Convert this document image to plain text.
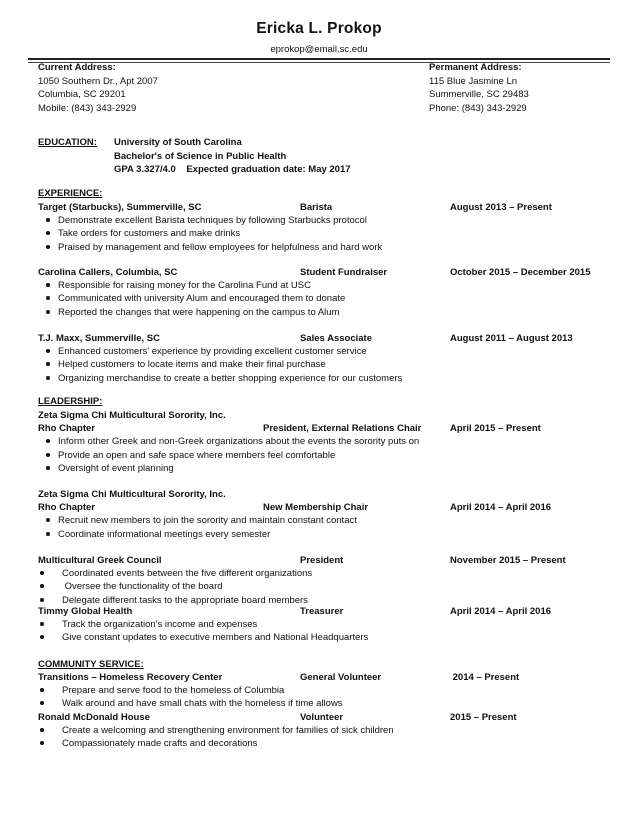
Ericka L. Prokop
eprokop@email.sc.edu
Current Address:
1050 Southern Dr., Apt 2007
Columbia, SC 29201
Mobile: (843) 343-2929
Permanent Address:
115 Blue Jasmine Ln
Summerville, SC 29483
Phone: (843) 343-2929
EDUCATION: University of South Carolina
Bachelor's of Science in Public Health
GPA 3.327/4.0    Expected graduation date: May 2017
EXPERIENCE:
Target (Starbucks), Summerville, SC	Barista	August 2013 – Present
Demonstrate excellent Barista techniques by following Starbucks protocol
Take orders for customers and make drinks
Praised by management and fellow employees for helpfulness and hard work
Carolina Callers, Columbia, SC	Student Fundraiser	October 2015 – December 2015
Responsible for raising money for the Carolina Fund at USC
Communicated with university Alum and encouraged them to donate
Reported the changes that were happening on the campus to Alum
T.J. Maxx, Summerville, SC	Sales Associate	August 2011 – August 2013
Enhanced customers' experience by providing excellent customer service
Helped customers to locate items and make their final purchase
Organizing merchandise to create a better shopping experience for our customers
LEADERSHIP:
Zeta Sigma Chi Multicultural Sorority, Inc.
Rho Chapter	President, External Relations Chair	April 2015 – Present
Inform other Greek and non-Greek organizations about the events the sorority puts on
Provide an open and safe space where members feel comfortable
Oversight of event planning
Zeta Sigma Chi Multicultural Sorority, Inc.
Rho Chapter	New Membership Chair	April 2014 – April 2016
Recruit new members to join the sorority and maintain constant contact
Coordinate informational meetings every semester
Multicultural Greek Council	President	November 2015 – Present
Coordinated events between the five different organizations
Oversee the functionality of the board
Delegate different tasks to the appropriate board members
Timmy Global Health	Treasurer	April 2014 – April 2016
Track the organization's income and expenses
Give constant updates to executive members and National Headquarters
COMMUNITY SERVICE:
Transitions – Homeless Recovery Center	General Volunteer	2014 – Present
Prepare and serve food to the homeless of Columbia
Walk around and have small chats with the homeless if time allows
Ronald McDonald House	Volunteer	2015 – Present
Create a welcoming and strengthening environment for families of sick children
Compassionately made crafts and decorations
